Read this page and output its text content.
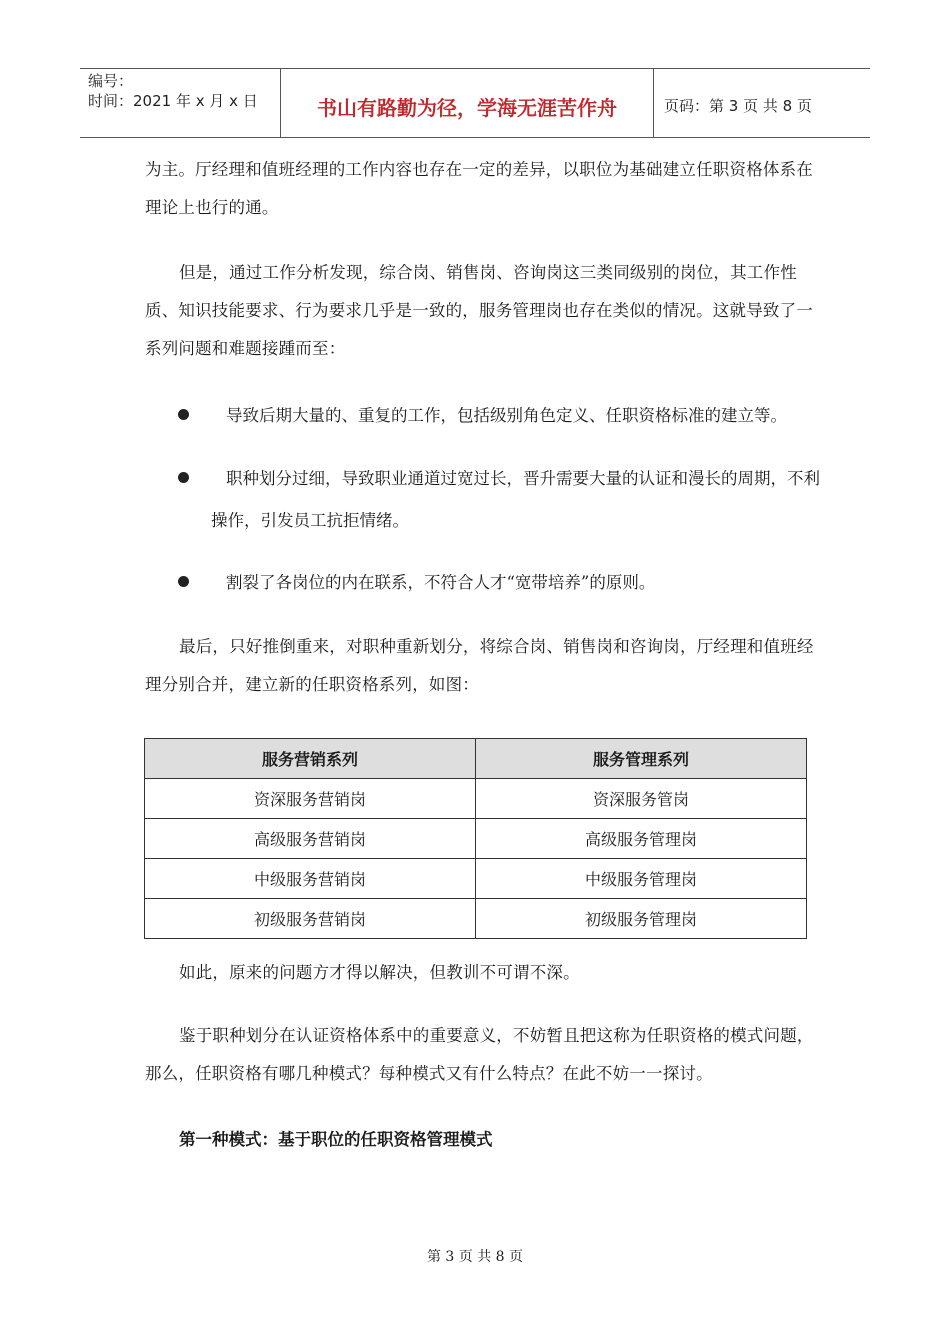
编号：
时间：2021 年 x 月 x 日	书山有路勤为径，学海无涯苦作舟	页码：第 3 页 共 8 页
为主。厅经理和值班经理的工作内容也存在一定的差异，以职位为基础建立任职资格体系在理论上也行的通。
但是，通过工作分析发现，综合岗、销售岗、咨询岗这三类同级别的岗位，其工作性质、知识技能要求、行为要求几乎是一致的，服务管理岗也存在类似的情况。这就导致了一系列问题和难题接踵而至：
导致后期大量的、重复的工作，包括级别角色定义、任职资格标准的建立等。
职种划分过细，导致职业通道过宽过长，晋升需要大量的认证和漫长的周期，不利操作，引发员工抗拒情绪。
割裂了各岗位的内在联系，不符合人才“宽带培养”的原则。
最后，只好推倒重来，对职种重新划分，将综合岗、销售岗和咨询岗，厅经理和值班经理分别合并，建立新的任职资格系列，如图：
服务营销系列	服务管理系列
资深服务营销岗	资深服务管岗
高级服务营销岗	高级服务管理岗
中级服务营销岗	中级服务管理岗
初级服务营销岗	初级服务管理岗
如此，原来的问题方才得以解决，但教训不可谓不深。
鉴于职种划分在认证资格体系中的重要意义，不妨暂且把这称为任职资格的模式问题，那么，任职资格有哪几种模式？每种模式又有什么特点？在此不妨一一探讨。
第一种模式：基于职位的任职资格管理模式
第 3 页 共 8 页
